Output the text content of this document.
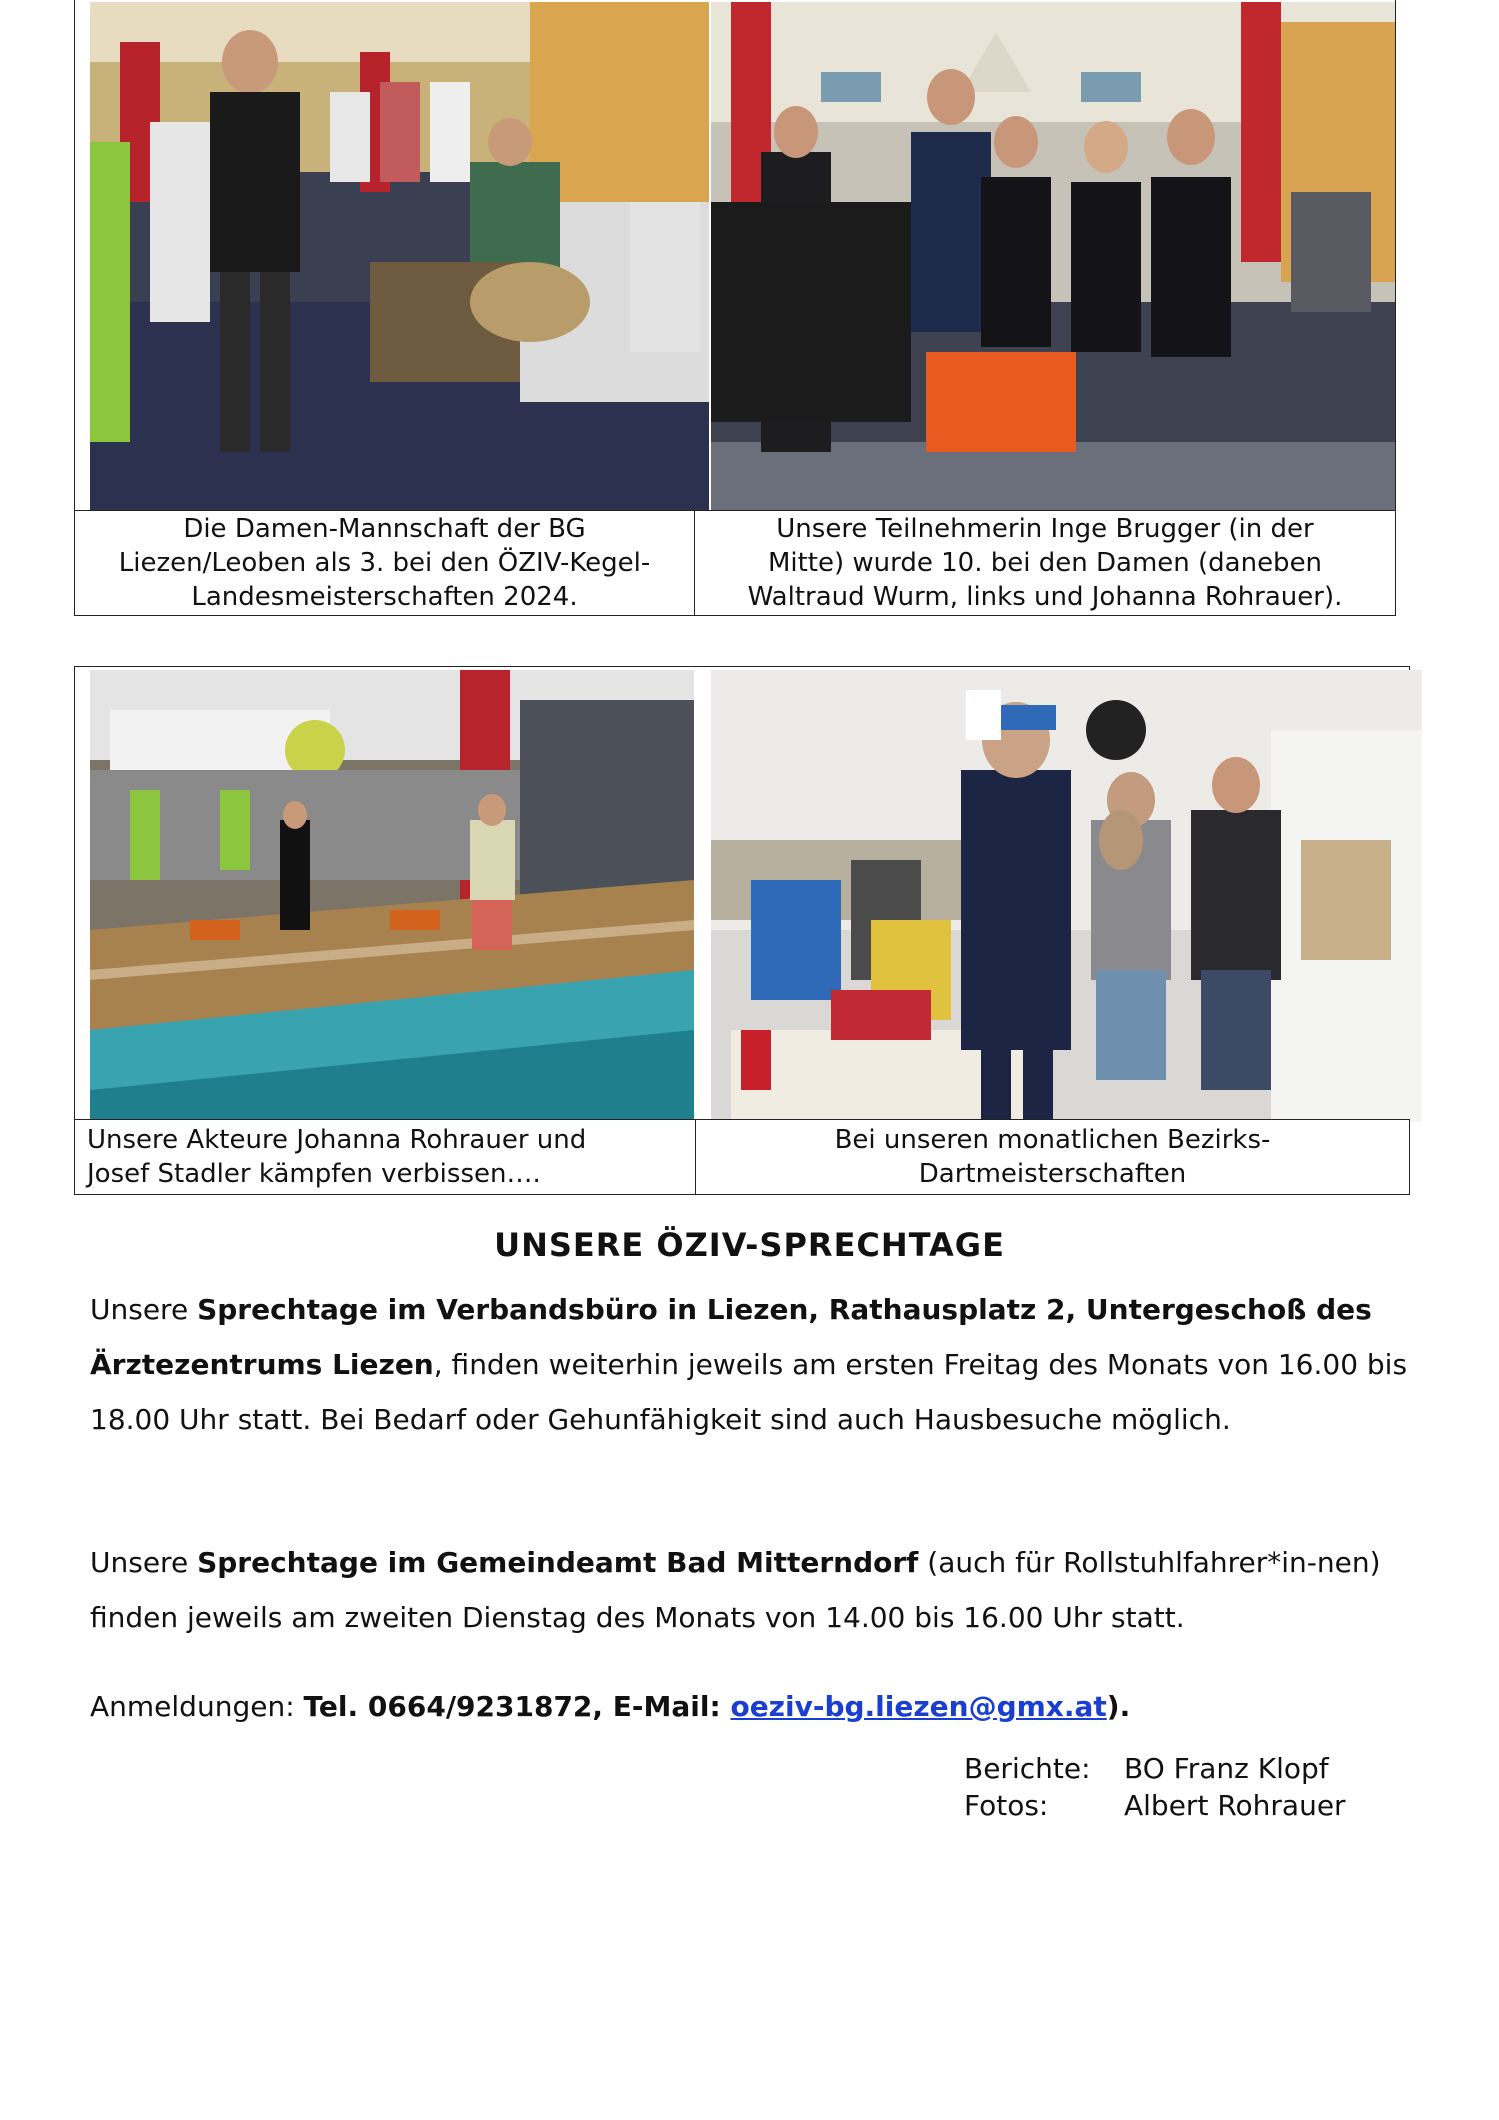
Die Damen-Mannschaft der BG
Liezen/Leoben als 3. bei den ÖZIV-Kegel-
Landesmeisterschaften 2024.
Unsere Teilnehmerin Inge Brugger (in der
Mitte) wurde 10. bei den Damen (daneben
Waltraud Wurm, links und Johanna Rohrauer).
Unsere Akteure Johanna Rohrauer und
Josef Stadler kämpfen verbissen….
Bei unseren monatlichen Bezirks-
Dartmeisterschaften
UNSERE ÖZIV-SPRECHTAGE
Unsere Sprechtage im Verbandsbüro in Liezen, Rathausplatz 2, Untergeschoß des Ärztezentrums Liezen, finden weiterhin jeweils am ersten Freitag des Monats von 16.00 bis 18.00 Uhr statt. Bei Bedarf oder Gehunfähigkeit sind auch Hausbesuche möglich.
Unsere Sprechtage im Gemeindeamt Bad Mitterndorf (auch für Rollstuhlfahrer*in-nen) finden jeweils am zweiten Dienstag des Monats von 14.00 bis 16.00 Uhr statt.
Anmeldungen: Tel. 0664/9231872, E-Mail: oeziv-bg.liezen@gmx.at).
Berichte: BO Franz Klopf
Fotos:	Albert Rohrauer
